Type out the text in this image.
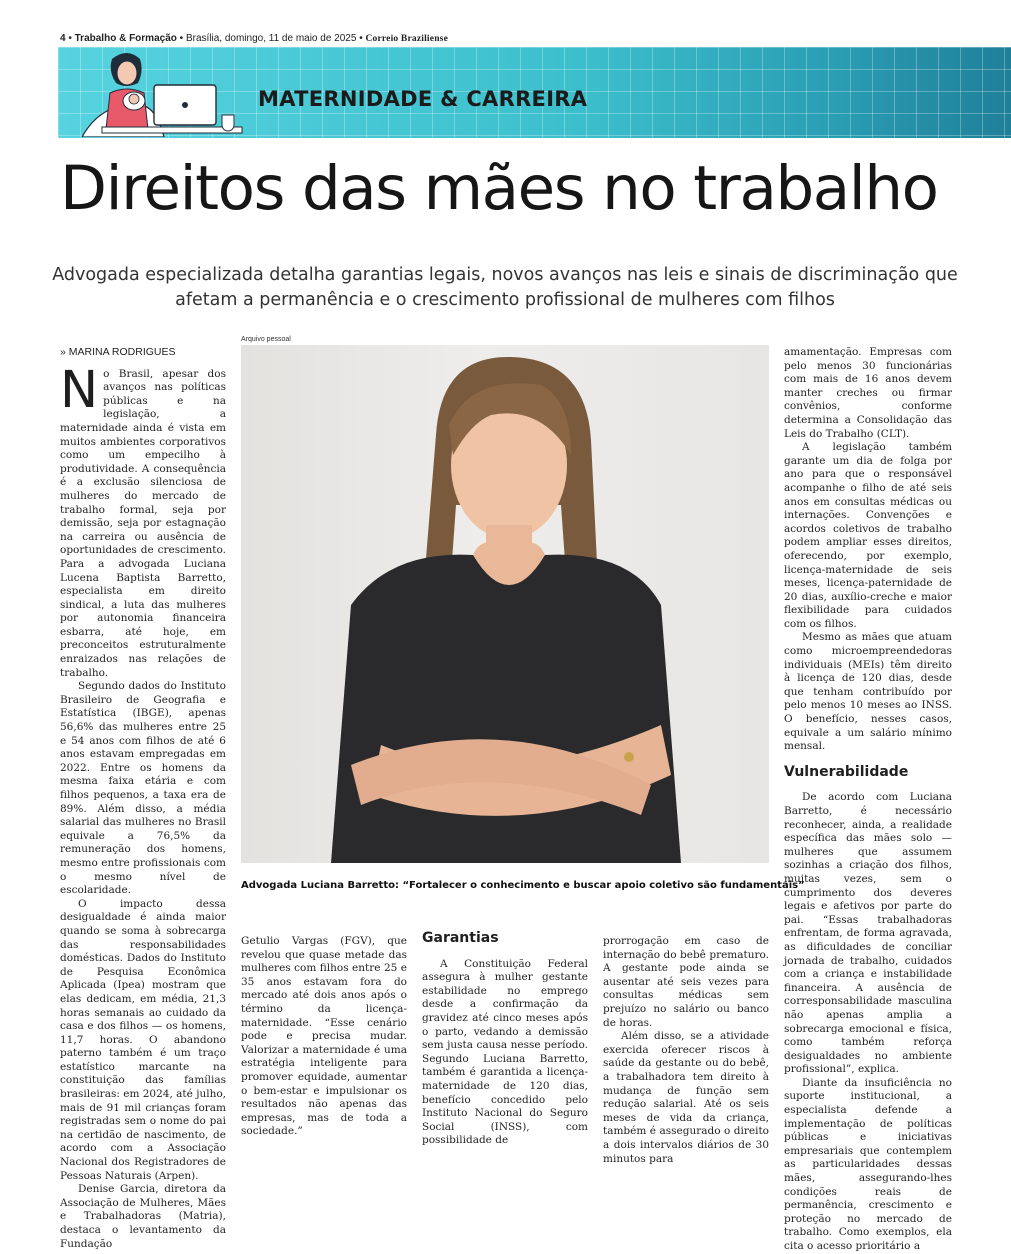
4 • Trabalho & Formação • Brasília, domingo, 11 de maio de 2025 • Correio Braziliense
MATERNIDADE & CARREIRA
Direitos das mães no trabalho
Advogada especializada detalha garantias legais, novos avanços nas leis e sinais de discriminação que afetam a permanência e o crescimento profissional de mulheres com filhos
» MARINA RODRIGUES
N o Brasil, apesar dos avanços nas políticas públicas e na legislação, a maternidade ainda é vista em muitos ambientes corporativos como um empecilho à produtividade. A consequência é a exclusão silenciosa de mulheres do mercado de trabalho formal, seja por demissão, seja por estagnação na carreira ou ausência de oportunidades de crescimento. Para a advogada Luciana Lucena Baptista Barretto, especialista em direito sindical, a luta das mulheres por autonomia financeira esbarra, até hoje, em preconceitos estruturalmente enraizados nas relações de trabalho.

Segundo dados do Instituto Brasileiro de Geografia e Estatística (IBGE), apenas 56,6% das mulheres entre 25 e 54 anos com filhos de até 6 anos estavam empregadas em 2022. Entre os homens da mesma faixa etária e com filhos pequenos, a taxa era de 89%. Além disso, a média salarial das mulheres no Brasil equivale a 76,5% da remuneração dos homens, mesmo entre profissionais com o mesmo nível de escolaridade.

O impacto dessa desigualdade é ainda maior quando se soma à sobrecarga das responsabilidades domésticas. Dados do Instituto de Pesquisa Econômica Aplicada (Ipea) mostram que elas dedicam, em média, 21,3 horas semanais ao cuidado da casa e dos filhos — os homens, 11,7 horas. O abandono paterno também é um traço estatístico marcante na constituição das famílias brasileiras: em 2024, até julho, mais de 91 mil crianças foram registradas sem o nome do pai na certidão de nascimento, de acordo com a Associação Nacional dos Registradores de Pessoas Naturais (Arpen).

Denise Garcia, diretora da Associação de Mulheres, Mães e Trabalhadoras (Matria), destaca o levantamento da Fundação

Arquivo pessoal
Advogada Luciana Barretto: “Fortalecer o conhecimento e buscar apoio coletivo são fundamentais”

Getulio Vargas (FGV), que revelou que quase metade das mulheres com filhos entre 25 e 35 anos estavam fora do mercado até dois anos após o término da licença-maternidade. “Esse cenário pode e precisa mudar. Valorizar a maternidade é uma estratégia inteligente para promover equidade, aumentar o bem-estar e impulsionar os resultados não apenas das empresas, mas de toda a sociedade.”

Garantias

A Constituição Federal assegura à mulher gestante estabilidade no emprego desde a confirmação da gravidez até cinco meses após o parto, vedando a demissão sem justa causa nesse período. Segundo Luciana Barretto, também é garantida a licença-maternidade de 120 dias, benefício concedido pelo Instituto Nacional do Seguro Social (INSS), com possibilidade de

prorrogação em caso de internação do bebê prematuro. A gestante pode ainda se ausentar até seis vezes para consultas médicas sem prejuízo no salário ou banco de horas.

Além disso, se a atividade exercida oferecer riscos à saúde da gestante ou do bebê, a trabalhadora tem direito à mudança de função sem redução salarial. Até os seis meses de vida da criança, também é assegurado o direito a dois intervalos diários de 30 minutos para

amamentação. Empresas com pelo menos 30 funcionárias com mais de 16 anos devem manter creches ou firmar convênios, conforme determina a Consolidação das Leis do Trabalho (CLT).

A legislação também garante um dia de folga por ano para que o responsável acompanhe o filho de até seis anos em consultas médicas ou internações. Convenções e acordos coletivos de trabalho podem ampliar esses direitos, oferecendo, por exemplo, licença-maternidade de seis meses, licença-paternidade de 20 dias, auxílio-creche e maior flexibilidade para cuidados com os filhos.

Mesmo as mães que atuam como microempreendedoras individuais (MEIs) têm direito à licença de 120 dias, desde que tenham contribuído por pelo menos 10 meses ao INSS. O benefício, nesses casos, equivale a um salário mínimo mensal.

Vulnerabilidade

De acordo com Luciana Barretto, é necessário reconhecer, ainda, a realidade específica das mães solo — mulheres que assumem sozinhas a criação dos filhos, muitas vezes, sem o cumprimento dos deveres legais e afetivos por parte do pai. “Essas trabalhadoras enfrentam, de forma agravada, as dificuldades de conciliar jornada de trabalho, cuidados com a criança e instabilidade financeira. A ausência de corresponsabilidade masculina não apenas amplia a sobrecarga emocional e física, como também reforça desigualdades no ambiente profissional”, explica.

Diante da insuficiência no suporte institucional, a especialista defende a implementação de políticas públicas e iniciativas empresariais que contemplem as particularidades dessas mães, assegurando-lhes condições reais de permanência, crescimento e proteção no mercado de trabalho. Como exemplos, ela cita o acesso prioritário a
